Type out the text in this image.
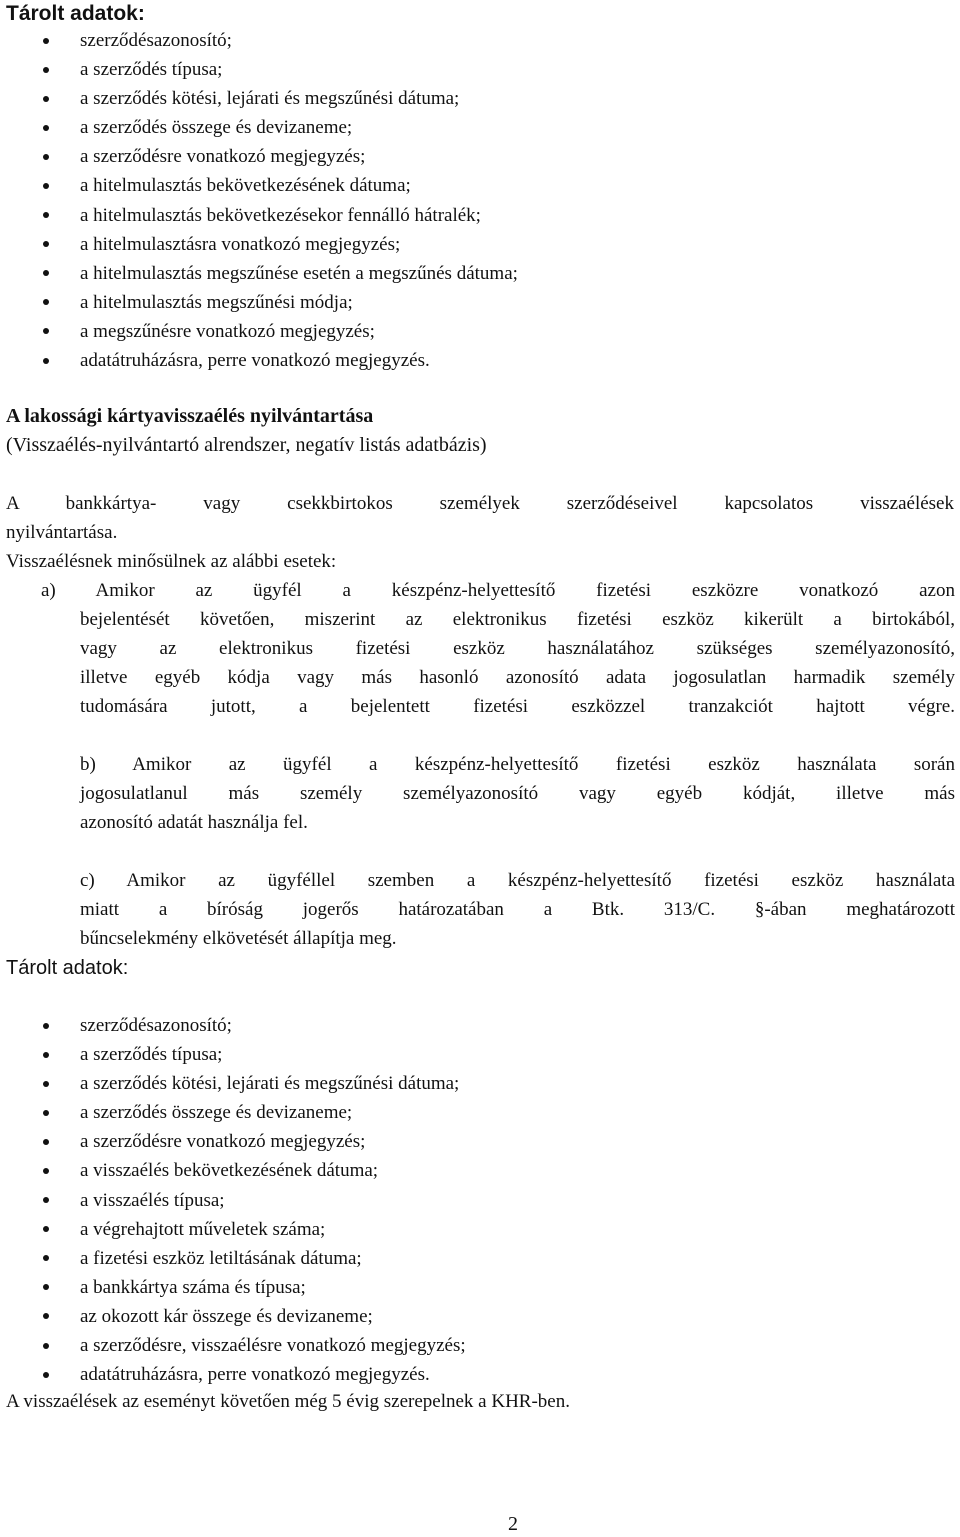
Tárolt adatok:
szerződésazonosító;
a szerződés típusa;
a szerződés kötési, lejárati és megszűnési dátuma;
a szerződés összege és devizaneme;
a szerződésre vonatkozó megjegyzés;
a hitelmulasztás bekövetkezésének dátuma;
a hitelmulasztás bekövetkezésekor fennálló hátralék;
a hitelmulasztásra vonatkozó megjegyzés;
a hitelmulasztás megszűnése esetén a megszűnés dátuma;
a hitelmulasztás megszűnési módja;
a megszűnésre vonatkozó megjegyzés;
adatátruházásra, perre vonatkozó megjegyzés.

A lakossági kártyavisszaélés nyilvántartása

(Visszaélés-nyilvántartó alrendszer, negatív listás adatbázis)

A bankkártya- vagy csekkbirtokos személyek szerződéseivel kapcsolatos visszaélések
nyilvántartása.

Visszaélésnek minősülnek az alábbi esetek:

a) Amikor az ügyfél a készpénz-helyettesítő fizetési eszközre vonatkozó azon
bejelentését követően, miszerint az elektronikus fizetési eszköz kikerült a birtokából,
vagy az elektronikus fizetési eszköz használatához szükséges személyazonosító,
illetve egyéb kódja vagy más hasonló azonosító adata jogosulatlan harmadik személy
tudomására jutott, a bejelentett fizetési eszközzel tranzakciót hajtott végre.
b) Amikor az ügyfél a készpénz-helyettesítő fizetési eszköz használata során
jogosulatlanul más személy személyazonosító vagy egyéb kódját, illetve más
azonosító adatát használja fel.
c) Amikor az ügyféllel szemben a készpénz-helyettesítő fizetési eszköz használata
miatt a bíróság jogerős határozatában a Btk. 313/C. §-ában meghatározott
bűncselekmény elkövetését állapítja meg.
Tárolt adatok:
szerződésazonosító;
a szerződés típusa;
a szerződés kötési, lejárati és megszűnési dátuma;
a szerződés összege és devizaneme;
a szerződésre vonatkozó megjegyzés;
a visszaélés bekövetkezésének dátuma;
a visszaélés típusa;
a végrehajtott műveletek száma;
a fizetési eszköz letiltásának dátuma;
a bankkártya száma és típusa;
az okozott kár összege és devizaneme;
a szerződésre, visszaélésre vonatkozó megjegyzés;
adatátruházásra, perre vonatkozó megjegyzés.

A visszaélések az eseményt követően még 5 évig szerepelnek a KHR-ben.

2
